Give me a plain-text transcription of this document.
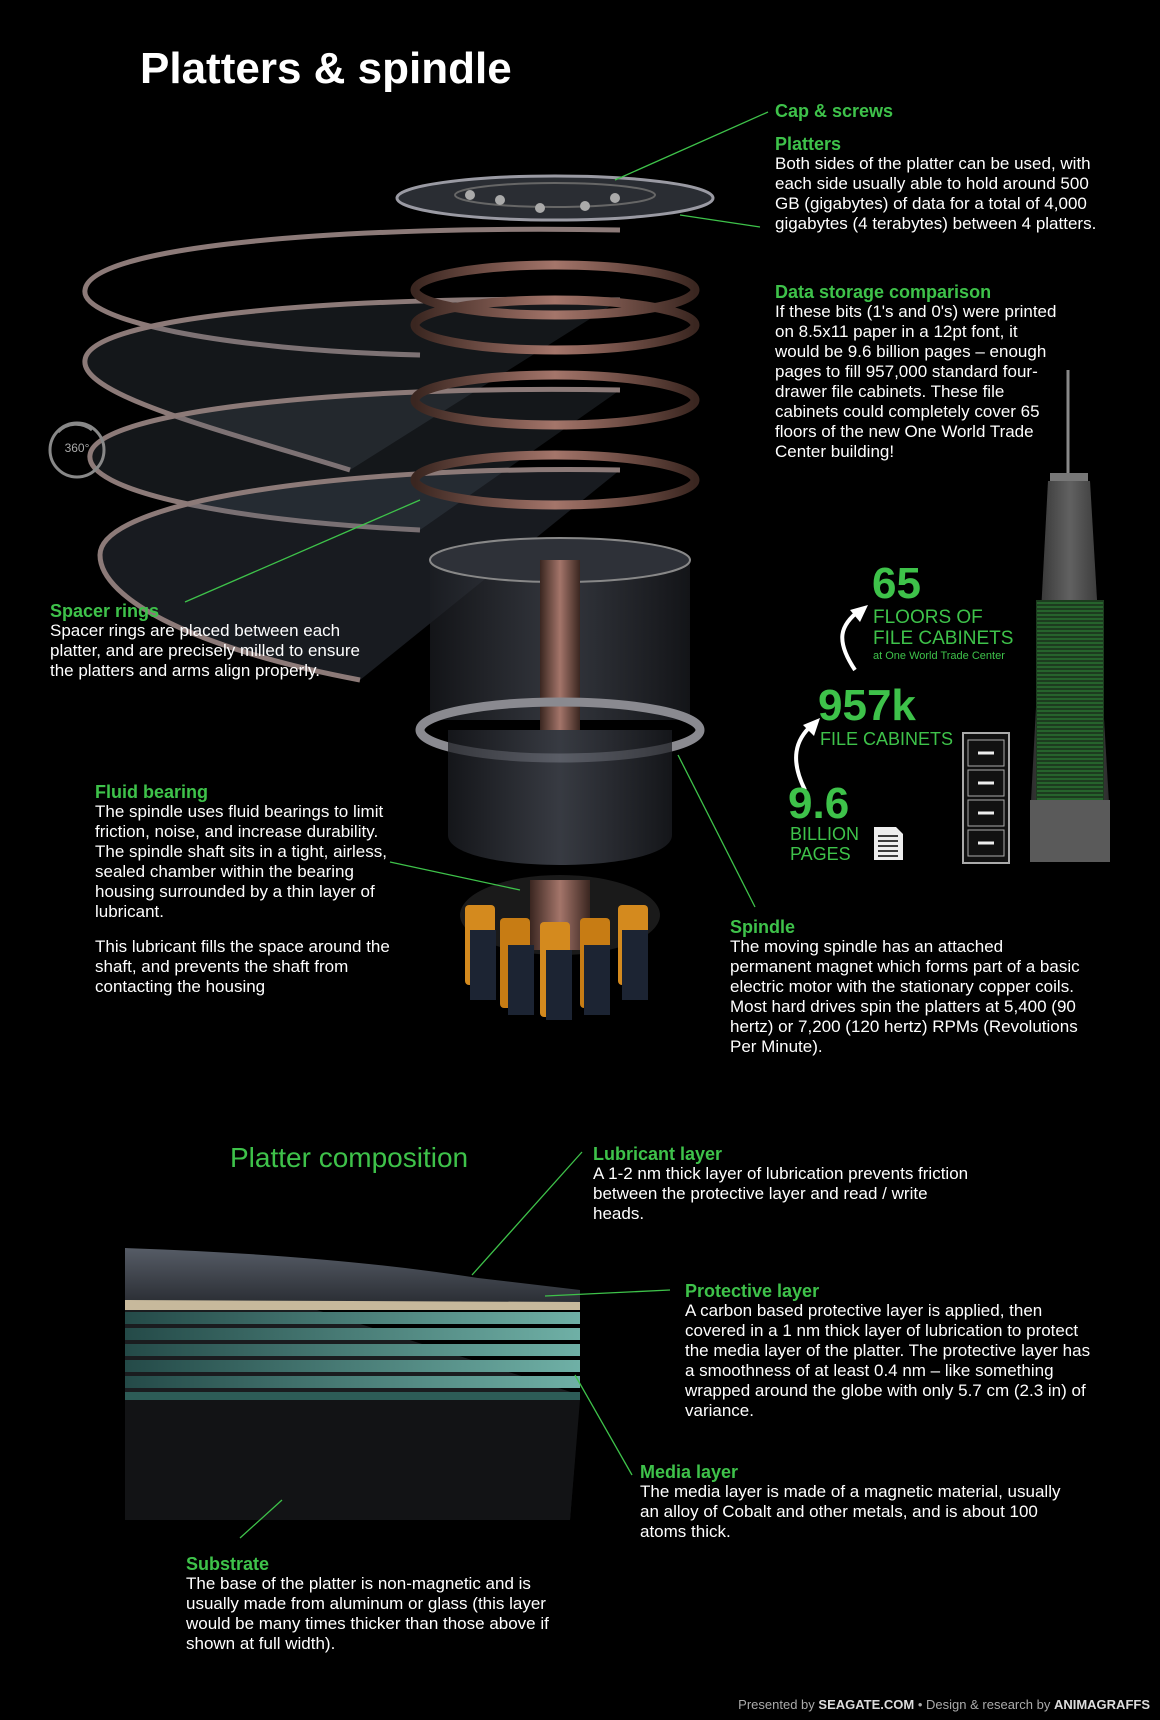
Platters & spindle
360°
Cap & screws
Platters
Both sides of the platter can be used, with each side usually able to hold around 500 GB (gigabytes) of data for a total of 4,000 gigabytes (4 terabytes) between 4 platters.
Data storage comparison
If these bits (1's and 0's) were printed on 8.5x11 paper in a 12pt font, it would be 9.6 billion pages – enough pages to fill 957,000 standard four-drawer file cabinets. These file cabinets could completely cover 65 floors of the new One World Trade Center building!
65
FLOORS OF
FILE CABINETS
at One World Trade Center
957k
FILE CABINETS
9.6
BILLION
PAGES
Spacer rings
Spacer rings are placed between each platter, and are precisely milled to ensure the platters and arms align properly.
Fluid bearing
The spindle uses fluid bearings to limit friction, noise, and increase durability. The spindle shaft sits in a tight, airless, sealed chamber within the bearing housing surrounded by a thin layer of lubricant.
This lubricant fills the space around the shaft, and prevents the shaft from contacting the housing
Spindle
The moving spindle has an attached permanent magnet which forms part of a basic electric motor with the stationary copper coils. Most hard drives spin the platters at 5,400 (90 hertz) or 7,200 (120 hertz) RPMs (Revolutions Per Minute).
Platter composition	Lubricant layer
A 1-2 nm thick layer of lubrication prevents friction between the protective layer and read / write heads.
Protective layer
A carbon based protective layer is applied, then covered in a 1 nm thick layer of lubrication to protect the media layer of the platter. The protective layer has a smoothness of at least 0.4 nm – like something wrapped around the globe with only 5.7 cm (2.3 in) of variance.
Media layer
The media layer is made of a magnetic material, usually an alloy of Cobalt and other metals, and is about 100 atoms thick.
Substrate
The base of the platter is non-magnetic and is usually made from aluminum or glass (this layer would be many times thicker than those above if shown at full width).
Presented by SEAGATE.COM • Design & research by ANIMAGRAFFS
